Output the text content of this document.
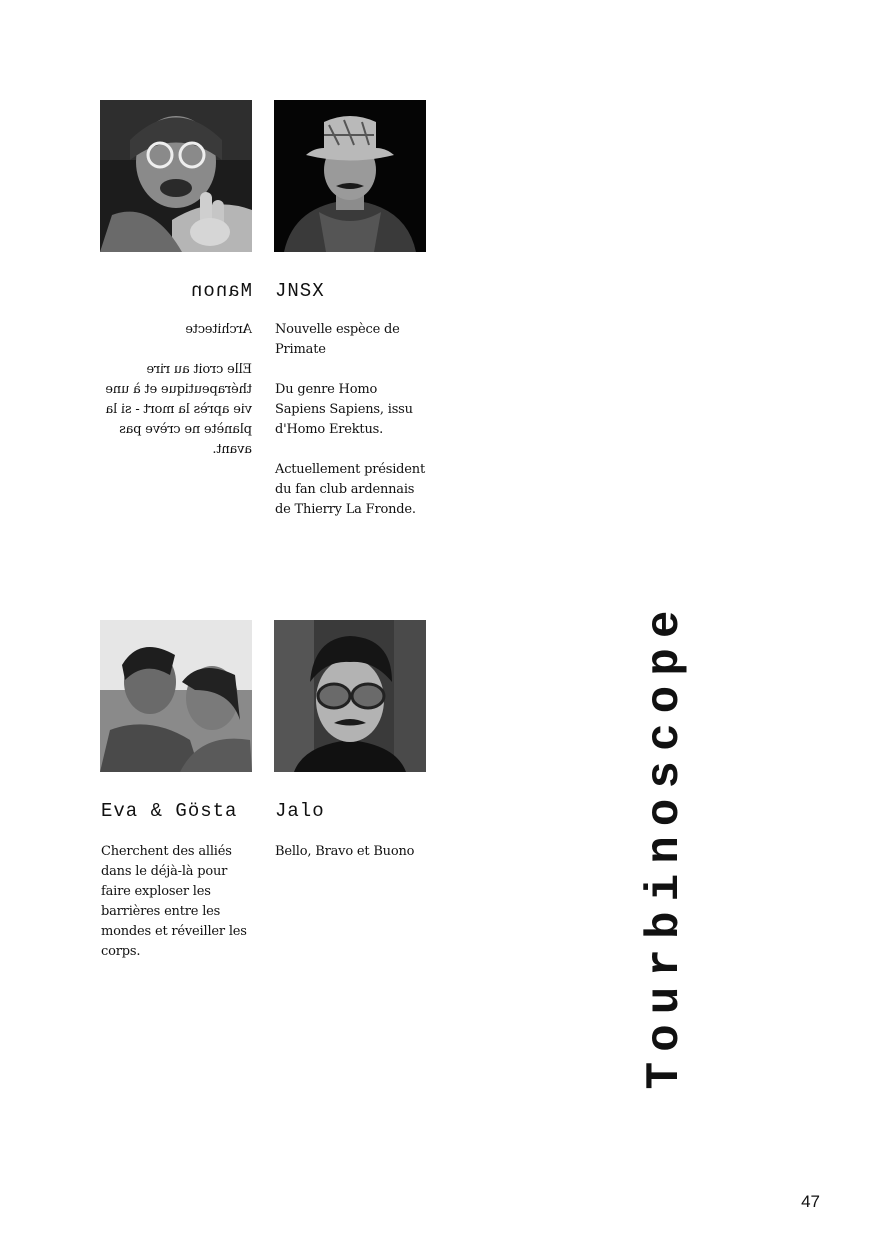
Manon

Architecte

Elle croit au rire thérapeutique et à une vie après la mort - si la planète ne crève pas avant.

JNSX

Nouvelle espèce de Primate

Du genre Homo Sapiens Sapiens, issu d'Homo Erektus.

Actuellement président du fan club ardennais de Thierry La Fronde.

Eva & Gösta

Cherchent des alliés dans le déjà-là pour faire exploser les barrières entre les mondes et réveiller les corps.

Jalo

Bello, Bravo et Buono	Tourbinoscope
47
